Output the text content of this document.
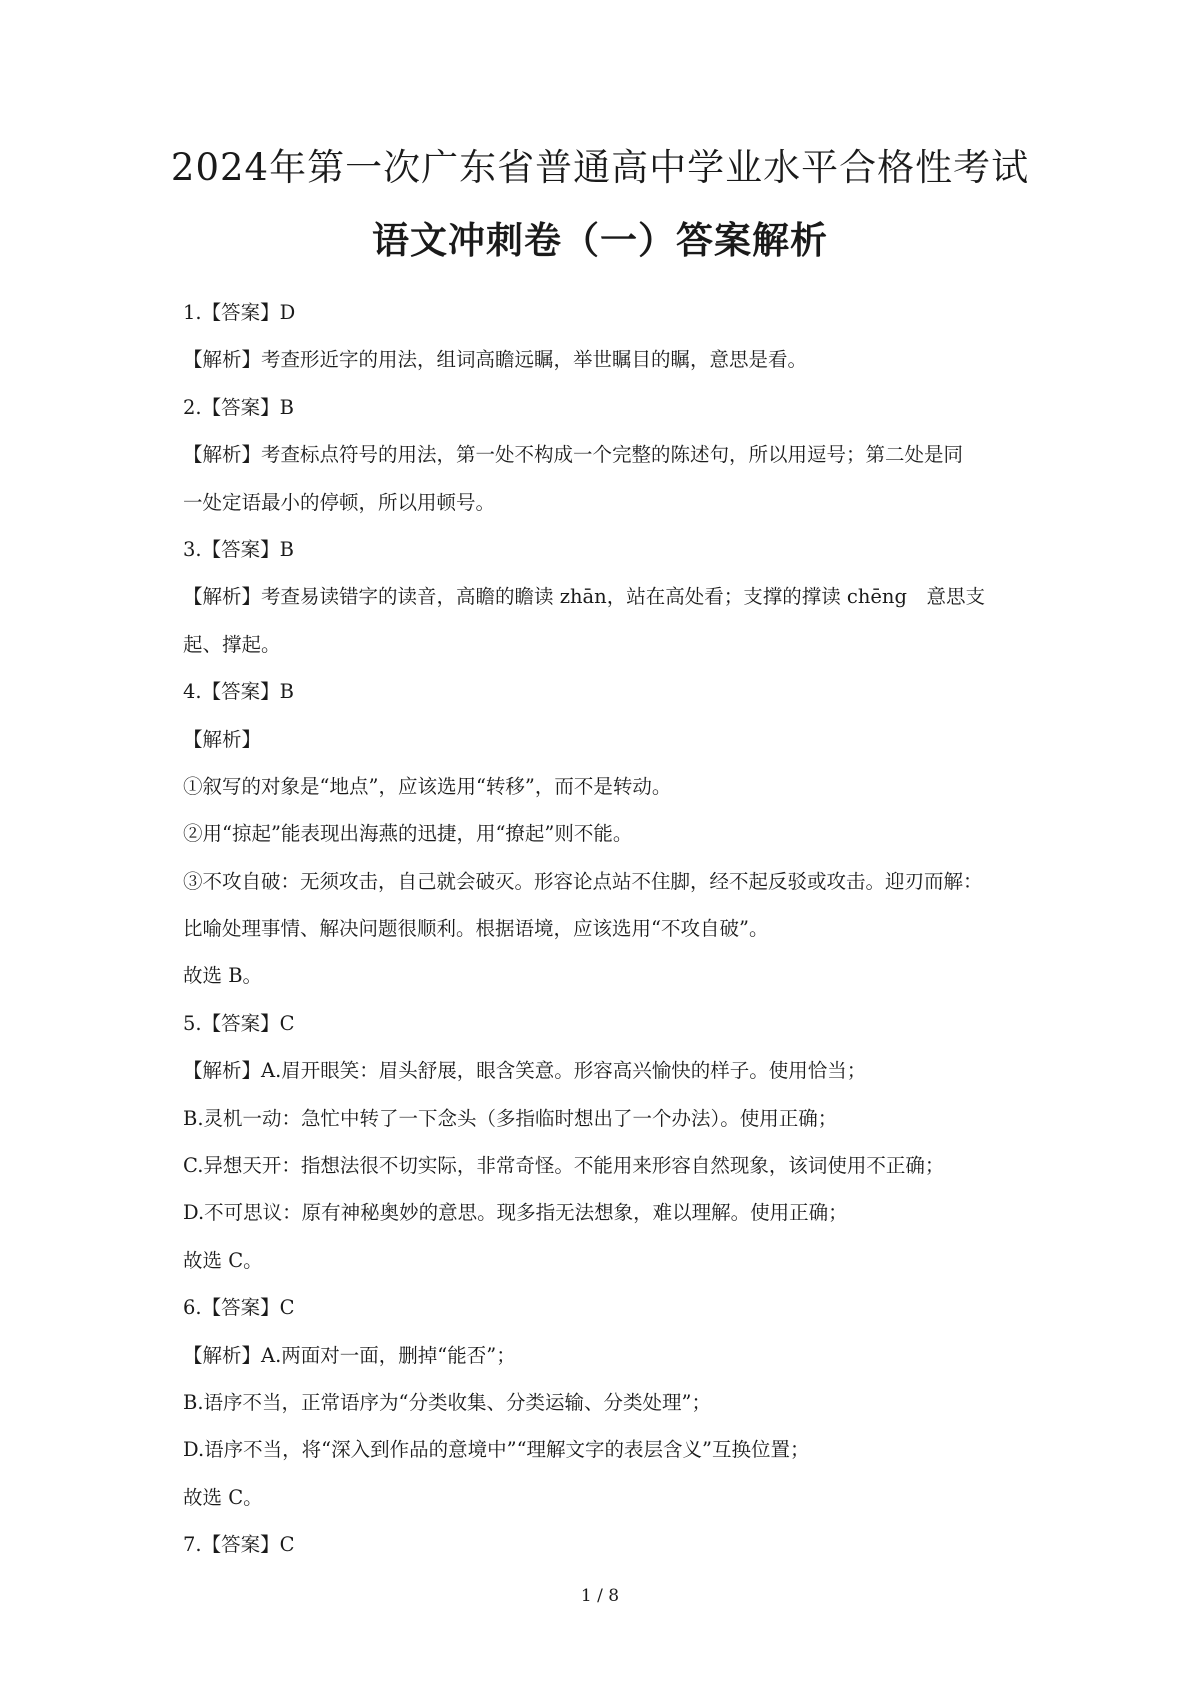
2024年第一次广东省普通高中学业水平合格性考试
语文冲刺卷（一）答案解析
1.【答案】D
【解析】考查形近字的用法，组词高瞻远瞩，举世瞩目的瞩，意思是看。
2.【答案】B
【解析】考查标点符号的用法，第一处不构成一个完整的陈述句，所以用逗号；第二处是同
一处定语最小的停顿，所以用顿号。
3.【答案】B
【解析】考查易读错字的读音，高瞻的瞻读 zhān，站在高处看；支撑的撑读 chēng　意思支
起、撑起。
4.【答案】B
【解析】
①叙写的对象是“地点”，应该选用“转移”，而不是转动。
②用“掠起”能表现出海燕的迅捷，用“撩起”则不能。
③不攻自破：无须攻击，自己就会破灭。形容论点站不住脚，经不起反驳或攻击。迎刃而解：
比喻处理事情、解决问题很顺利。根据语境，应该选用“不攻自破”。
故选 B。
5.【答案】C
【解析】A.眉开眼笑：眉头舒展，眼含笑意。形容高兴愉快的样子。使用恰当；
B.灵机一动：急忙中转了一下念头（多指临时想出了一个办法）。使用正确；
C.异想天开：指想法很不切实际，非常奇怪。不能用来形容自然现象，该词使用不正确；
D.不可思议：原有神秘奥妙的意思。现多指无法想象，难以理解。使用正确；
故选 C。
6.【答案】C
【解析】A.两面对一面，删掉“能否”；
B.语序不当，正常语序为“分类收集、分类运输、分类处理”；
D.语序不当，将“深入到作品的意境中”“理解文字的表层含义”互换位置；
故选 C。
7.【答案】C
1 / 8
